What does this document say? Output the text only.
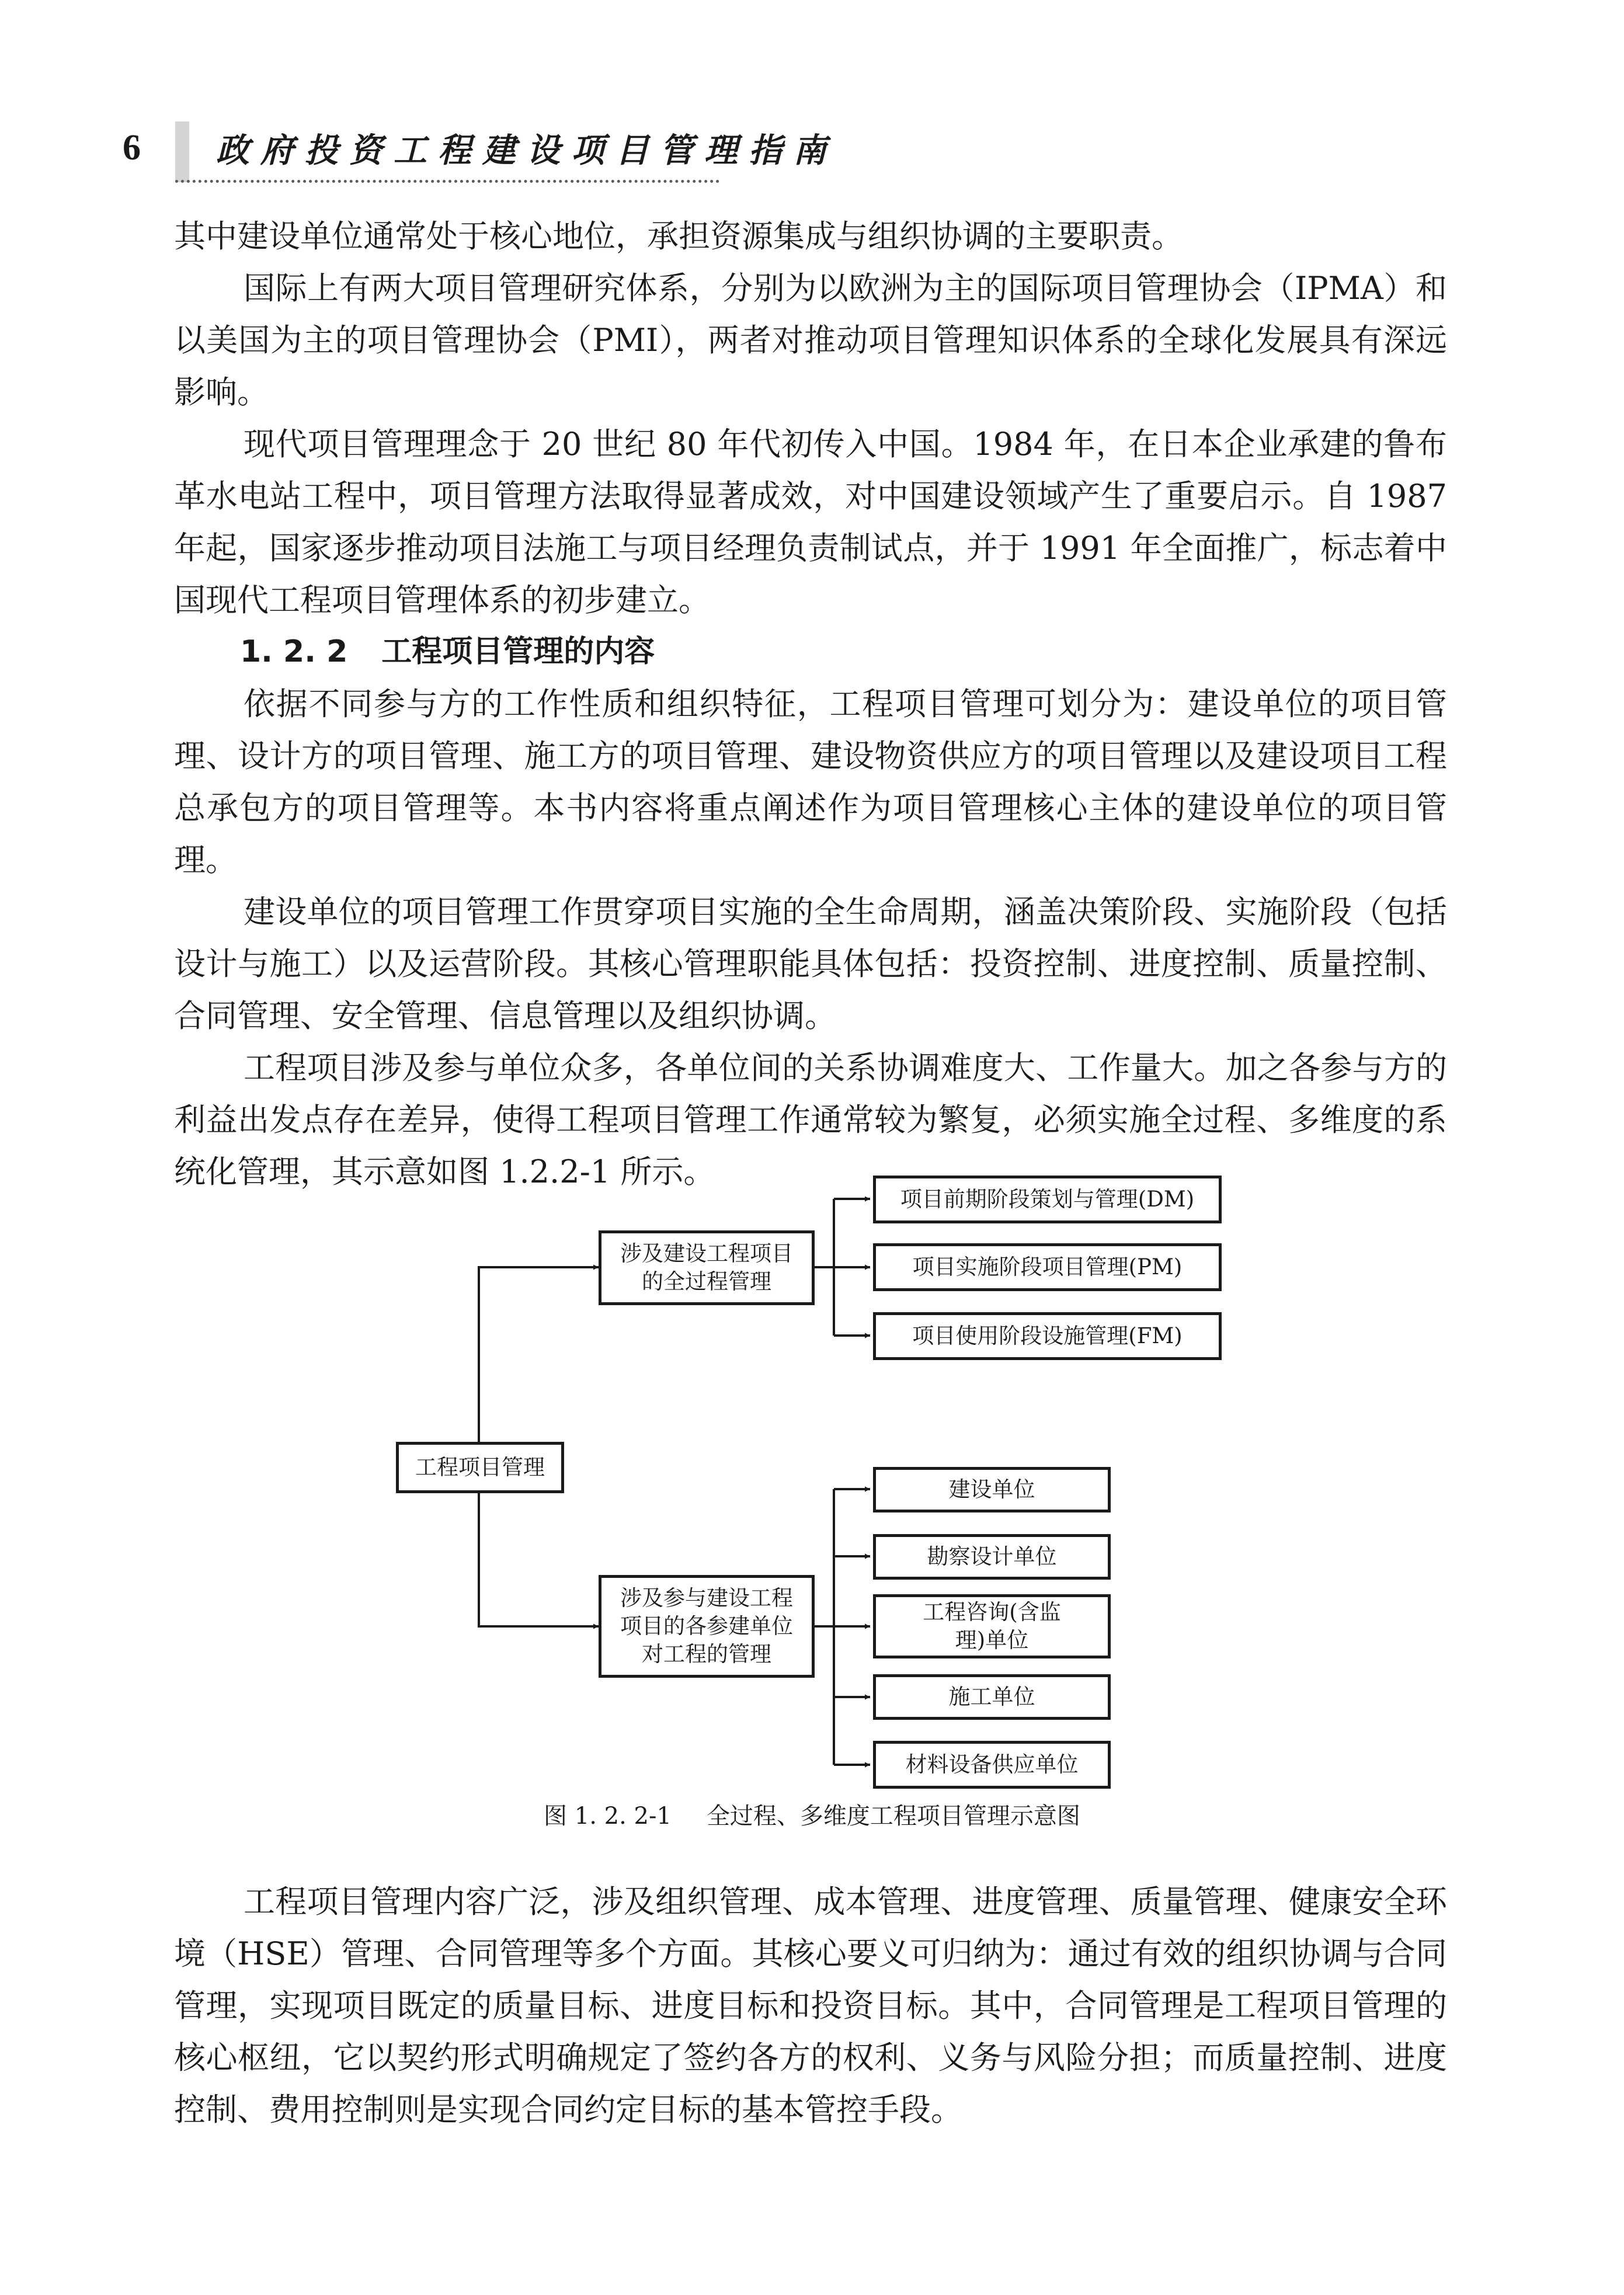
6 政府投资工程建设项目管理指南

其中建设单位通常处于核心地位，承担资源集成与组织协调的主要职责。

国际上有两大项目管理研究体系，分别为以欧洲为主的国际项目管理协会（IPMA）和以美国为主的项目管理协会（PMI），两者对推动项目管理知识体系的全球化发展具有深远影响。

现代项目管理理念于 20 世纪 80 年代初传入中国。1984 年，在日本企业承建的鲁布革水电站工程中，项目管理方法取得显著成效，对中国建设领域产生了重要启示。自 1987 年起，国家逐步推动项目法施工与项目经理负责制试点，并于 1991 年全面推广，标志着中国现代工程项目管理体系的初步建立。

1. 2. 2 工程项目管理的内容

依据不同参与方的工作性质和组织特征，工程项目管理可划分为：建设单位的项目管理、设计方的项目管理、施工方的项目管理、建设物资供应方的项目管理以及建设项目工程总承包方的项目管理等。本书内容将重点阐述作为项目管理核心主体的建设单位的项目管理。

建设单位的项目管理工作贯穿项目实施的全生命周期，涵盖决策阶段、实施阶段（包括设计与施工）以及运营阶段。其核心管理职能具体包括：投资控制、进度控制、质量控制、合同管理、安全管理、信息管理以及组织协调。

工程项目涉及参与单位众多，各单位间的关系协调难度大、工作量大。加之各参与方的利益出发点存在差异，使得工程项目管理工作通常较为繁复，必须实施全过程、多维度的系统化管理，其示意如图 1.2.2-1 所示。

工程项目管理
涉及建设工程项目
的全过程管理
项目前期阶段策划与管理(DM)
项目实施阶段项目管理(PM)
项目使用阶段设施管理(FM)
涉及参与建设工程
项目的各参建单位
对工程的管理
建设单位
勘察设计单位
工程咨询(含监
理)单位
施工单位
材料设备供应单位
图 1. 2. 2-1 全过程、多维度工程项目管理示意图

工程项目管理内容广泛，涉及组织管理、成本管理、进度管理、质量管理、健康安全环境（HSE）管理、合同管理等多个方面。其核心要义可归纳为：通过有效的组织协调与合同管理，实现项目既定的质量目标、进度目标和投资目标。其中，合同管理是工程项目管理的核心枢纽，它以契约形式明确规定了签约各方的权利、义务与风险分担；而质量控制、进度控制、费用控制则是实现合同约定目标的基本管控手段。
